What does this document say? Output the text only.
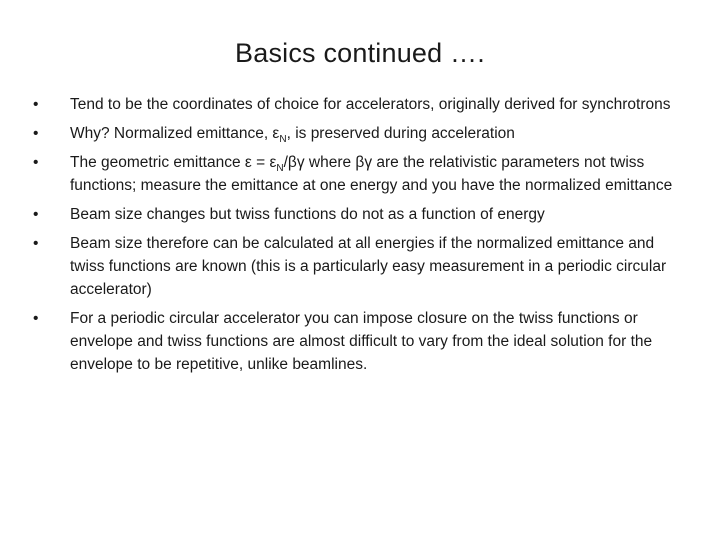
Basics continued ….
•	Tend to be the coordinates of choice for accelerators, originally derived for synchrotrons
•	Why? Normalized emittance, $\varepsilon_N$, is preserved during acceleration
•	The geometric emittance $\varepsilon = \varepsilon_N/\beta\gamma$ where βγ are the relativistic parameters not twiss functions; measure the emittance at one energy and you have the normalized emittance
•	Beam size changes but twiss functions do not as a function of energy
•	Beam size therefore can be calculated at all energies if the normalized emittance and twiss functions are known (this is a particularly easy measurement in a periodic circular accelerator)
•	For a periodic circular accelerator you can impose closure on the twiss functions or envelope and twiss functions are almost difficult to vary from the ideal solution for the envelope to be repetitive, unlike beamlines.
